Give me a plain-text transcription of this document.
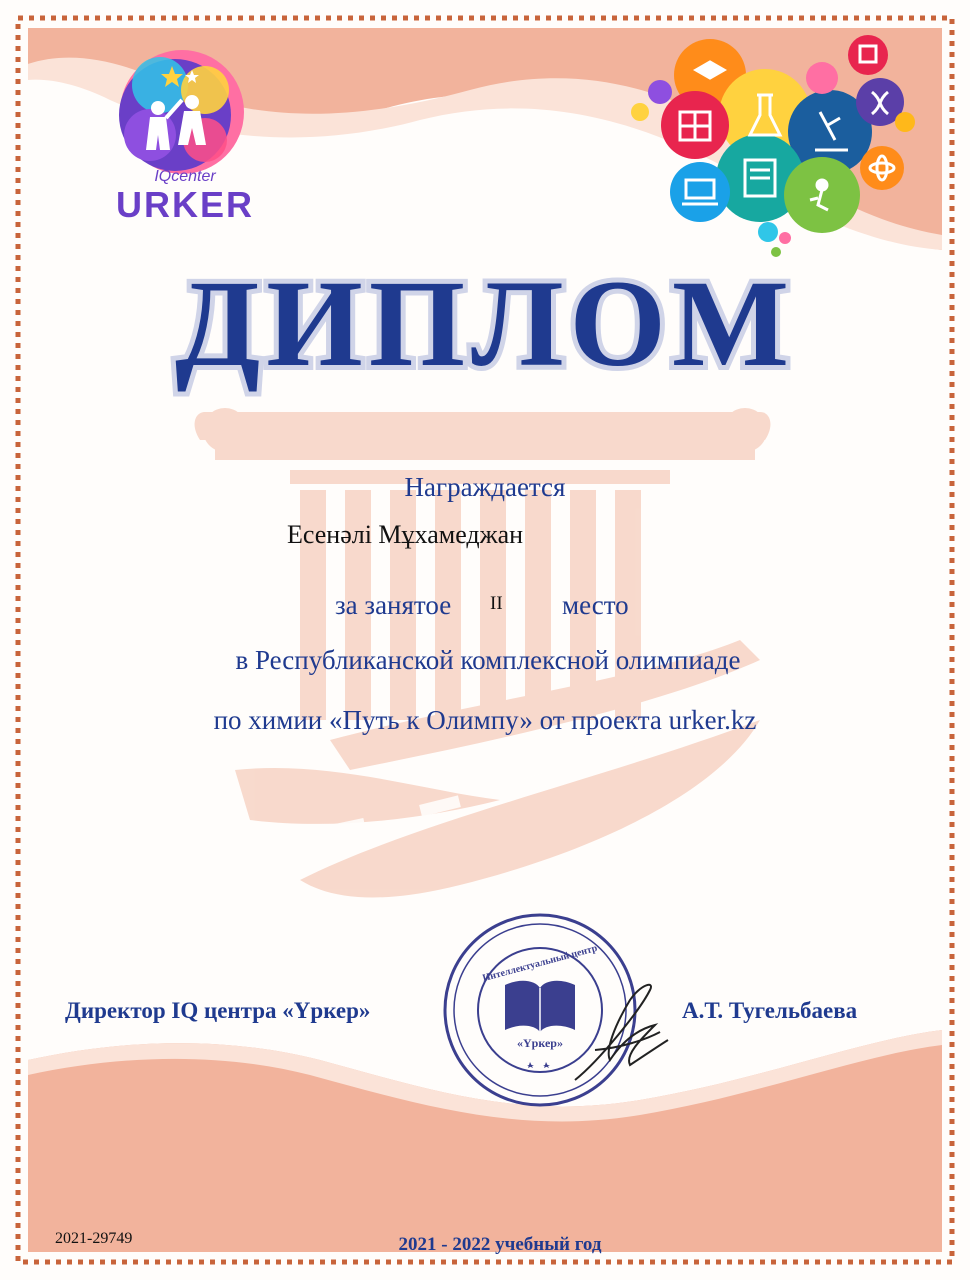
IQcenter
URKER
ДИПЛОМ
Награждается
Есенәлі Мұхамеджан
за занятое II место
в Республиканской комплексной олимпиаде
по химии «Путь к Олимпу» от проекта urker.kz
Интеллектуальный центр
«Үркер»
Директор IQ центра «Үркер»	А.Т. Тугельбаева
2021-29749	2021 - 2022 учебный год
